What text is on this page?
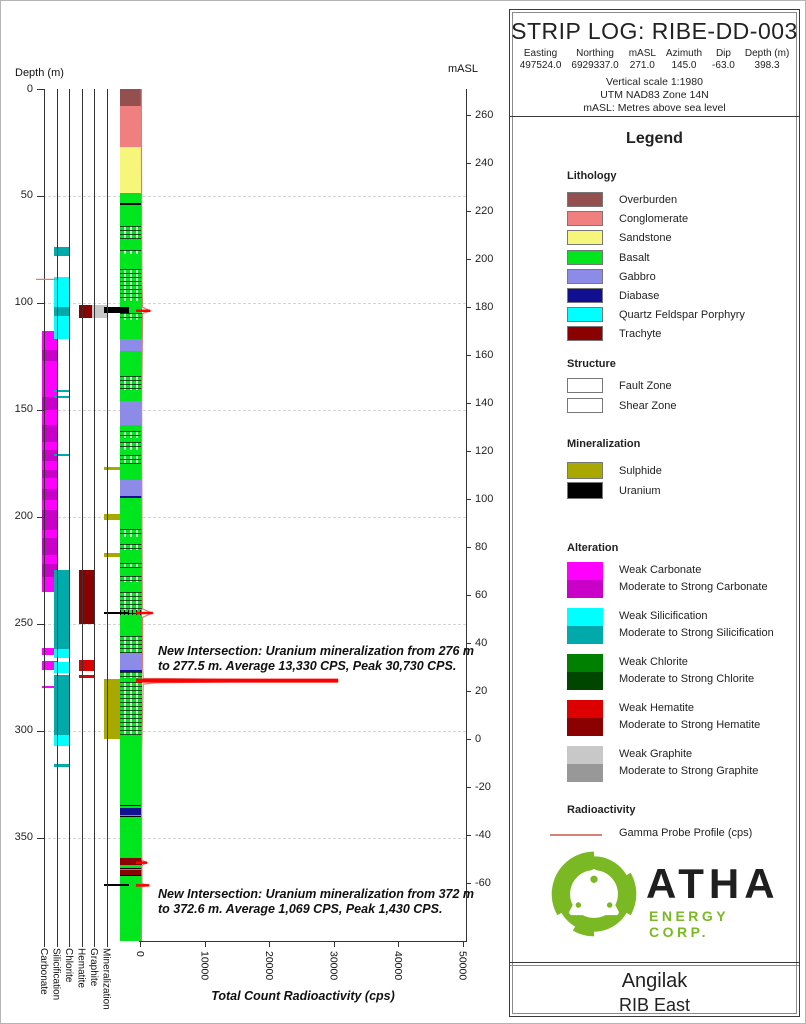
Depth (m)
0
50
100
150
200
250
300
350
mASL
260
240
220
200
180
160
140
120
100
80
60
40
20
0
-20
-40
-60
0	10000	20000	30000	40000	50000
Total Count Radioactivity (cps)
Carbonate Silicification Chlorite Hematite Graphite Mineralization
New Intersection: Uranium mineralization from 276 m
to 277.5 m. Average 13,330 CPS, Peak 30,730 CPS.
New Intersection: Uranium mineralization from 372 m
to 372.6 m. Average 1,069 CPS, Peak 1,430 CPS.
STRIP LOG: RIBE-DD-003
Easting
497524.0
Northing
6929337.0
mASL
271.0
Azimuth
145.0
Dip
-63.0
Depth (m)
398.3
Vertical scale 1:1980
UTM NAD83 Zone 14N
mASL: Metres above sea level
Legend
ATHA
ENERGY CORP.
Angilak
RIB East
Lithology
Overburden
Conglomerate
Sandstone
Basalt
Gabbro
Diabase
Quartz Feldspar Porphyry
Trachyte
Structure
Fault Zone
Shear Zone
Mineralization
Sulphide
Uranium
Alteration
Weak Carbonate
Moderate to Strong Carbonate
Weak Silicification
Moderate to Strong Silicification
Weak Chlorite
Moderate to Strong Chlorite
Weak Hematite
Moderate to Strong Hematite
Weak Graphite
Moderate to Strong Graphite
Radioactivity
Gamma Probe Profile (cps)
